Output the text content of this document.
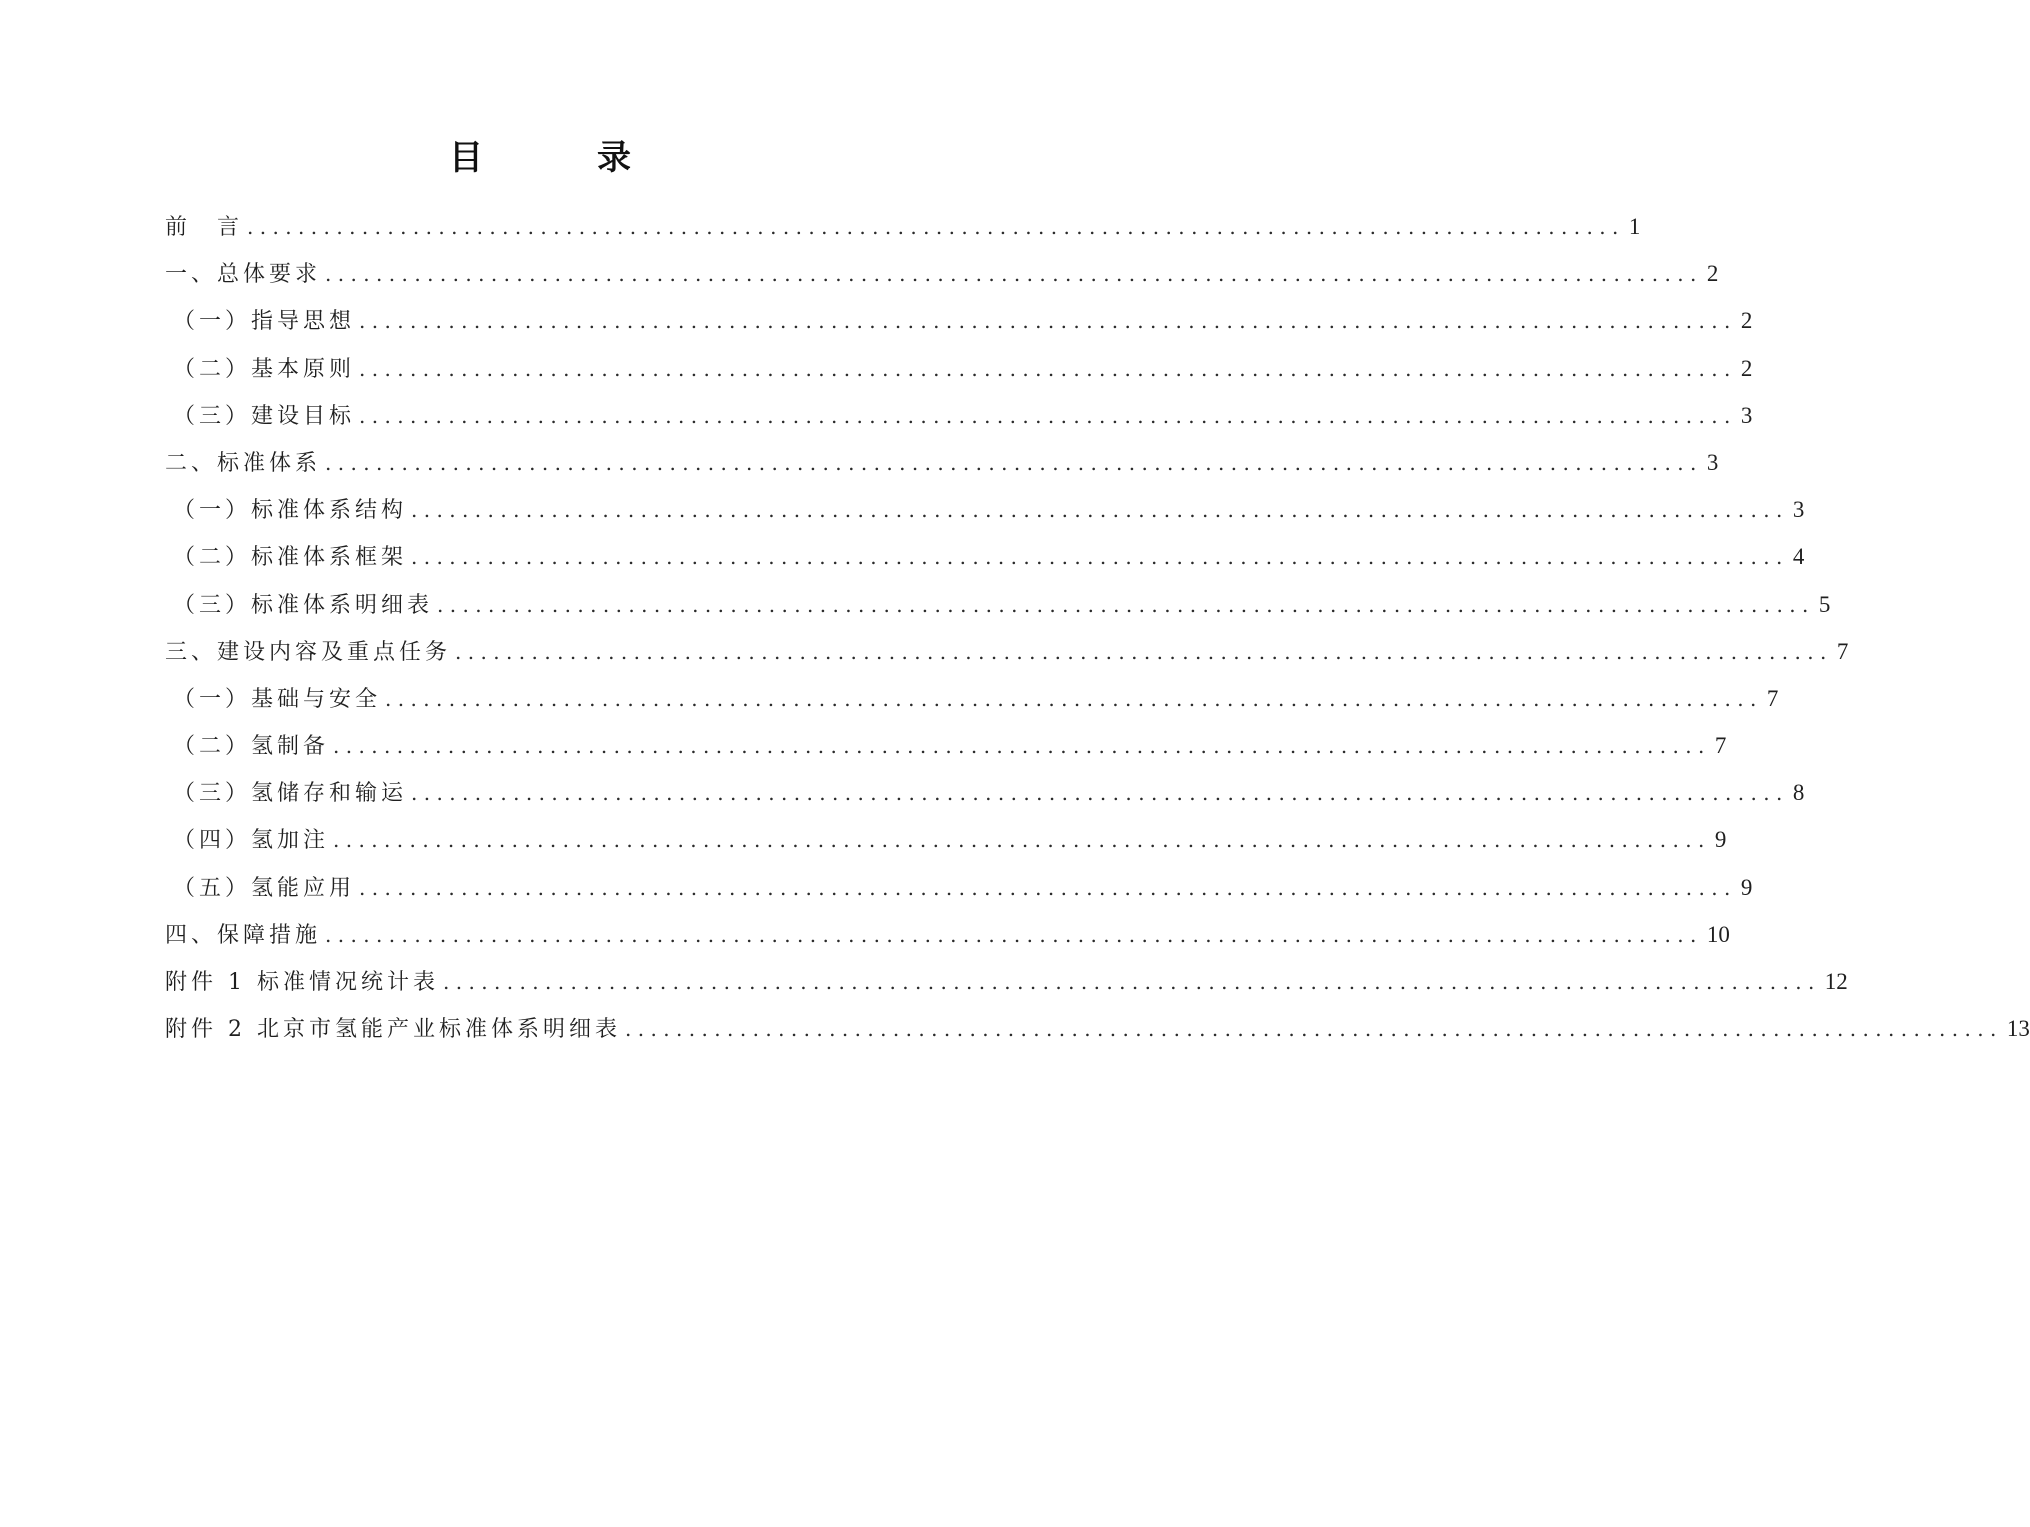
目　录
前　言 ............................................................................................................ 1
一、总体要求 ............................................................................................................ 2
（一）指导思想 ............................................................................................................ 2
（二）基本原则 ............................................................................................................ 2
（三）建设目标 ............................................................................................................ 3
二、标准体系 ............................................................................................................ 3
（一）标准体系结构 ............................................................................................................ 3
（二）标准体系框架 ............................................................................................................ 4
（三）标准体系明细表 ............................................................................................................ 5
三、建设内容及重点任务 ............................................................................................................ 7
（一）基础与安全 ............................................................................................................ 7
（二）氢制备 ............................................................................................................ 7
（三）氢储存和输运 ............................................................................................................ 8
（四）氢加注 ............................................................................................................ 9
（五）氢能应用 ............................................................................................................ 9
四、保障措施 ............................................................................................................ 10
附件 1 标准情况统计表 ............................................................................................................ 12
附件 2 北京市氢能产业标准体系明细表 ............................................................................................................ 13
